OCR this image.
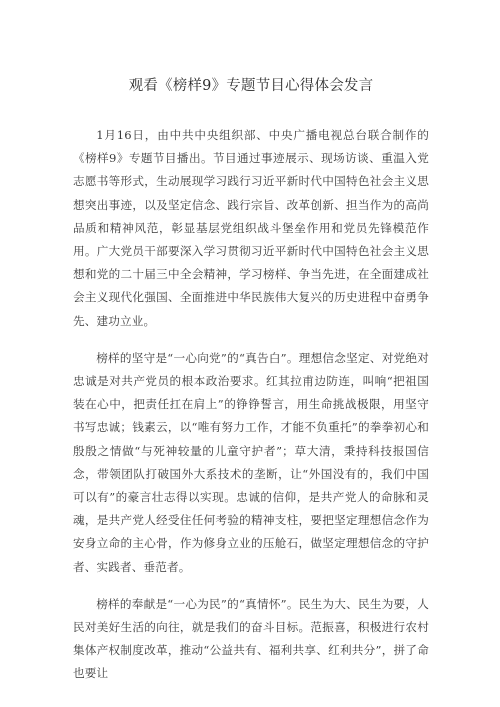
观看《榜样9》专题节目心得体会发言

1月16日，由中共中央组织部、中央广播电视总台联合制作的《榜样9》专题节目播出。节目通过事迹展示、现场访谈、重温入党志愿书等形式，生动展现学习践行习近平新时代中国特色社会主义思想突出事迹，以及坚定信念、践行宗旨、改革创新、担当作为的高尚品质和精神风范，彰显基层党组织战斗堡垒作用和党员先锋模范作用。广大党员干部要深入学习贯彻习近平新时代中国特色社会主义思想和党的二十届三中全会精神，学习榜样、争当先进，在全面建成社会主义现代化强国、全面推进中华民族伟大复兴的历史进程中奋勇争先、建功立业。

榜样的坚守是“一心向党”的“真告白”。理想信念坚定、对党绝对忠诚是对共产党员的根本政治要求。红其拉甫边防连，叫响“把祖国装在心中，把责任扛在肩上”的铮铮誓言，用生命挑战极限，用坚守书写忠诚；钱素云，以“唯有努力工作，才能不负重托”的拳拳初心和殷殷之情做“与死神较量的儿童守护者”；草大清，秉持科技报国信念，带领团队打破国外大系技术的垄断，让“外国没有的，我们中国可以有”的豪言壮志得以实现。忠诚的信仰，是共产党人的命脉和灵魂，是共产党人经受住任何考验的精神支柱，要把坚定理想信念作为安身立命的主心骨，作为修身立业的压舱石，做坚定理想信念的守护者、实践者、垂范者。

榜样的奉献是“一心为民”的“真情怀”。民生为大、民生为要，人民对美好生活的向往，就是我们的奋斗目标。范振喜，积极进行农村集体产权制度改革，推动“公益共有、福利共享、红利共分”，拼了命也要让
